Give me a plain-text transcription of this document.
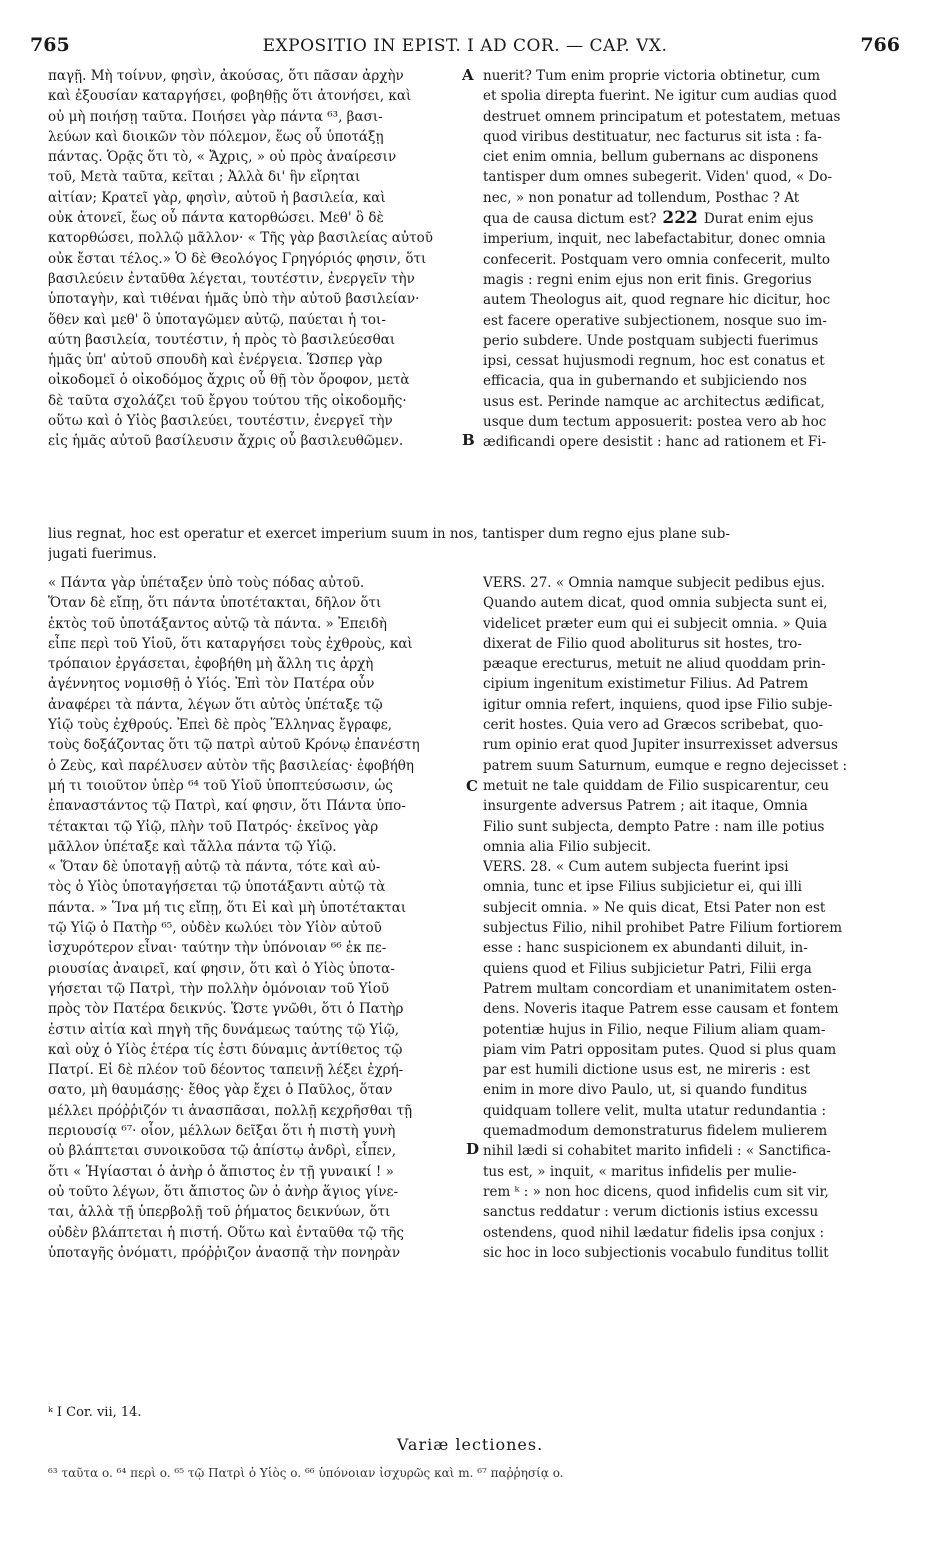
765	EXPOSITIO IN EPIST. I AD COR. — CAP. VX.	766
παγῇ. Μὴ τοίνυν, φησὶν, ἀκούσας, ὅτι πᾶσαν ἀρχὴν
καὶ ἐξουσίαν καταργήσει, φοβηθῇς ὅτι ἀτονήσει, καὶ
οὐ μὴ ποιήσῃ ταῦτα. Ποιήσει γὰρ πάντα ⁶³, βασι-
λεύων καὶ διοικῶν τὸν πόλεμον, ἕως οὗ ὑποτάξῃ
πάντας. Ὁρᾷς ὅτι τὸ, « Ἄχρις, » οὐ πρὸς ἀναίρεσιν
τοῦ, Μετὰ ταῦτα, κεῖται ; Ἀλλὰ δι' ἣν εἴρηται
αἰτίαν; Κρατεῖ γὰρ, φησὶν, αὐτοῦ ἡ βασιλεία, καὶ
οὐκ ἀτονεῖ, ἕως οὗ πάντα κατορθώσει. Μεθ' ὃ δὲ
κατορθώσει, πολλῷ μᾶλλον· « Τῆς γὰρ βασιλείας αὐτοῦ
οὐκ ἔσται τέλος.» Ὁ δὲ Θεολόγος Γρηγόριός φησιν, ὅτι
βασιλεύειν ἐνταῦθα λέγεται, τουτέστιν, ἐνεργεῖν τὴν
ὑποταγὴν, καὶ τιθέναι ἡμᾶς ὑπὸ τὴν αὐτοῦ βασιλείαν·
ὅθεν καὶ μεθ' ὃ ὑποταγῶμεν αὐτῷ, παύεται ἡ τοι-
αύτη βασιλεία, τουτέστιν, ἡ πρὸς τὸ βασιλεύεσθαι
ἡμᾶς ὑπ' αὐτοῦ σπουδὴ καὶ ἐνέργεια. Ὥσπερ γὰρ
οἰκοδομεῖ ὁ οἰκοδόμος ἄχρις οὗ θῇ τὸν ὄροφον, μετὰ
δὲ ταῦτα σχολάζει τοῦ ἔργου τούτου τῆς οἰκοδομῆς·
οὕτω καὶ ὁ Υἱὸς βασιλεύει, τουτέστιν, ἐνεργεῖ τὴν
εἰς ἡμᾶς αὐτοῦ βασίλευσιν ἄχρις οὗ βασιλευθῶμεν.
nuerit? Tum enim proprie victoria obtinetur, cum
et spolia direpta fuerint. Ne igitur cum audias quod
destruet omnem principatum et potestatem, metuas
quod viribus destituatur, nec facturus sit ista : fa-
ciet enim omnia, bellum gubernans ac disponens
tantisper dum omnes subegerit. Viden' quod, « Do-
nec, » non ponatur ad tollendum, Posthac ? At
qua de causa dictum est? 222 Durat enim ejus
imperium, inquit, nec labefactabitur, donec omnia
confecerit. Postquam vero omnia confecerit, multo
magis : regni enim ejus non erit finis. Gregorius
autem Theologus ait, quod regnare hic dicitur, hoc
est facere operative subjectionem, nosque suo im-
perio subdere. Unde postquam subjecti fuerimus
ipsi, cessat hujusmodi regnum, hoc est conatus et
efficacia, qua in gubernando et subjiciendo nos
usus est. Perinde namque ac architectus ædificat,
usque dum tectum apposuerit: postea vero ab hoc
ædificandi opere desistit : hanc ad rationem et Fi-
A
B
lius regnat, hoc est operatur et exercet imperium suum in nos, tantisper dum regno ejus plane sub-
jugati fuerimus.
« Πάντα γὰρ ὑπέταξεν ὑπὸ τοὺς πόδας αὐτοῦ.
Ὅταν δὲ εἴπῃ, ὅτι πάντα ὑποτέτακται, δῆλον ὅτι
ἐκτὸς τοῦ ὑποτάξαντος αὐτῷ τὰ πάντα. » Ἐπειδὴ
εἶπε περὶ τοῦ Υἱοῦ, ὅτι καταργήσει τοὺς ἐχθροὺς, καὶ
τρόπαιον ἐργάσεται, ἐφοβήθη μὴ ἄλλη τις ἀρχὴ
ἀγέννητος νομισθῇ ὁ Υἱός. Ἐπὶ τὸν Πατέρα οὖν
ἀναφέρει τὰ πάντα, λέγων ὅτι αὐτὸς ὑπέταξε τῷ
Υἱῷ τοὺς ἐχθρούς. Ἐπεὶ δὲ πρὸς Ἕλληνας ἔγραφε,
τοὺς δοξάζοντας ὅτι τῷ πατρὶ αὐτοῦ Κρόνῳ ἐπανέστη
ὁ Ζεὺς, καὶ παρέλυσεν αὐτὸν τῆς βασιλείας· ἐφοβήθη
μή τι τοιοῦτον ὑπὲρ ⁶⁴ τοῦ Υἱοῦ ὑποπτεύσωσιν, ὡς
ἐπαναστάντος τῷ Πατρὶ, καί φησιν, ὅτι Πάντα ὑπο-
τέτακται τῷ Υἱῷ, πλὴν τοῦ Πατρός· ἐκεῖνος γὰρ
μᾶλλον ὑπέταξε καὶ τἄλλα πάντα τῷ Υἱῷ.
« Ὅταν δὲ ὑποταγῇ αὐτῷ τὰ πάντα, τότε καὶ αὐ-
τὸς ὁ Υἱὸς ὑποταγήσεται τῷ ὑποτάξαντι αὐτῷ τὰ
πάντα. » Ἵνα μή τις εἴπῃ, ὅτι Εἰ καὶ μὴ ὑποτέτακται
τῷ Υἱῷ ὁ Πατὴρ ⁶⁵, οὐδὲν κωλύει τὸν Υἱὸν αὐτοῦ
ἰσχυρότερον εἶναι· ταύτην τὴν ὑπόνοιαν ⁶⁶ ἐκ πε-
ριουσίας ἀναιρεῖ, καί φησιν, ὅτι καὶ ὁ Υἱὸς ὑποτα-
γήσεται τῷ Πατρὶ, τὴν πολλὴν ὁμόνοιαν τοῦ Υἱοῦ
πρὸς τὸν Πατέρα δεικνύς. Ὥστε γνῶθι, ὅτι ὁ Πατὴρ
ἐστιν αἰτία καὶ πηγὴ τῆς δυνάμεως ταύτης τῷ Υἱῷ,
καὶ οὐχ ὁ Υἱὸς ἑτέρα τίς ἐστι δύναμις ἀντίθετος τῷ
Πατρί. Εἰ δὲ πλέον τοῦ δέοντος ταπεινῇ λέξει ἐχρή-
σατο, μὴ θαυμάσῃς· ἔθος γὰρ ἔχει ὁ Παῦλος, ὅταν
μέλλει πρόῤῥιζόν τι ἀνασπᾶσαι, πολλῇ κεχρῆσθαι τῇ
περιουσίᾳ ⁶⁷· οἷον, μέλλων δεῖξαι ὅτι ἡ πιστὴ γυνὴ
οὐ βλάπτεται συνοικοῦσα τῷ ἀπίστῳ ἀνδρὶ, εἶπεν,
ὅτι « Ἡγίασται ὁ ἀνὴρ ὁ ἄπιστος ἐν τῇ γυναικί ! »
οὐ τοῦτο λέγων, ὅτι ἄπιστος ὢν ὁ ἀνὴρ ἅγιος γίνε-
ται, ἀλλὰ τῇ ὑπερβολῇ τοῦ ῥήματος δεικνύων, ὅτι
οὐδὲν βλάπτεται ἡ πιστή. Οὕτω καὶ ἐνταῦθα τῷ τῆς
ὑποταγῆς ὀνόματι, πρόῤῥιζον ἀνασπᾷ τὴν πονηρὰν
VERS. 27. « Omnia namque subjecit pedibus ejus.
Quando autem dicat, quod omnia subjecta sunt ei,
videlicet præter eum qui ei subjecit omnia. » Quia
dixerat de Filio quod aboliturus sit hostes, tro-
pæaque erecturus, metuit ne aliud quoddam prin-
cipium ingenitum existimetur Filius. Ad Patrem
igitur omnia refert, inquiens, quod ipse Filio subje-
cerit hostes. Quia vero ad Græcos scribebat, quo-
rum opinio erat quod Jupiter insurrexisset adversus
patrem suum Saturnum, eumque e regno dejecisset :
metuit ne tale quiddam de Filio suspicarentur, ceu
insurgente adversus Patrem ; ait itaque, Omnia
Filio sunt subjecta, dempto Patre : nam ille potius
omnia alia Filio subjecit.
VERS. 28. « Cum autem subjecta fuerint ipsi
omnia, tunc et ipse Filius subjicietur ei, qui illi
subjecit omnia. » Ne quis dicat, Etsi Pater non est
subjectus Filio, nihil prohibet Patre Filium fortiorem
esse : hanc suspicionem ex abundanti diluit, in-
quiens quod et Filius subjicietur Patri, Filii erga
Patrem multam concordiam et unanimitatem osten-
dens. Noveris itaque Patrem esse causam et fontem
potentiæ hujus in Filio, neque Filium aliam quam-
piam vim Patri oppositam putes. Quod si plus quam
par est humili dictione usus est, ne mireris : est
enim in more divo Paulo, ut, si quando funditus
quidquam tollere velit, multa utatur redundantia :
quemadmodum demonstraturus fidelem mulierem
nihil lædi si cohabitet marito infideli : « Sanctifica-
tus est, » inquit, « maritus infidelis per mulie-
rem ᵏ : » non hoc dicens, quod infidelis cum sit vir,
sanctus reddatur : verum dictionis istius excessu
ostendens, quod nihil lædatur fidelis ipsa conjux :
sic hoc in loco subjectionis vocabulo funditus tollit
C
D
ᵏ I Cor. vii, 14.
Variæ lectiones.
⁶³ ταῦτα o. ⁶⁴ περὶ o. ⁶⁵ τῷ Πατρὶ ὁ Υἱὸς o. ⁶⁶ ὑπόνοιαν ἰσχυρῶς καὶ m. ⁶⁷ παῤῥησίᾳ o.
